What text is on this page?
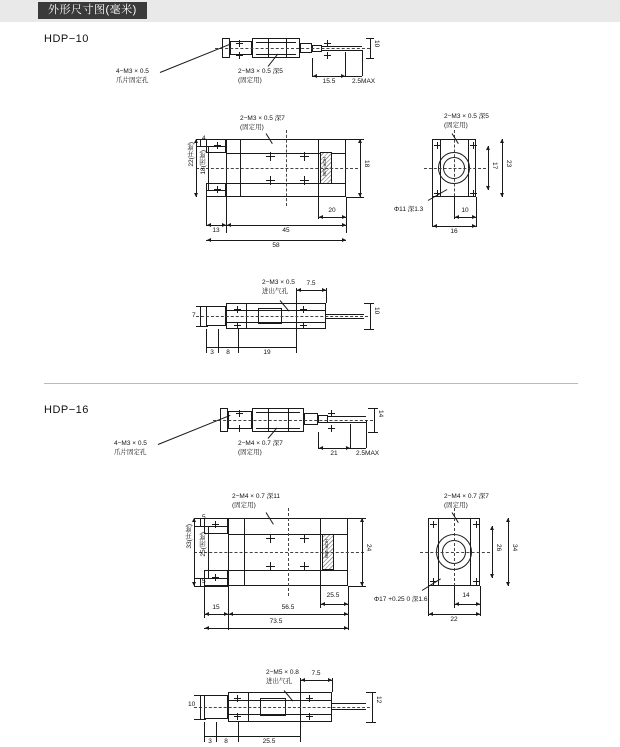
外形尺寸图(毫米)
HDP−10	10
15.5	2.5MAX
4−M3 × 0.5
爪片固定孔
2−M3 × 0.5 深5
(固定用)
HDP-10B
4
22(开度) 18(闭度)	18
20
13	45
58
2−M3 × 0.5 深7
(固定用)
17 23
10
16
Φ11 深1.3
2−M3 × 0.5 深5
(固定用)
7
10
7.5
3	8	19
2−M3 × 0.5
进出气孔
HDP−16	14
21	2.5MAX
4−M3 × 0.5
爪片固定孔
2−M4 × 0.7 深7
(固定用)
HDP-16B
5
5
33(开度) 25(闭度)	24
25.5
15	56.5
73.5
2−M4 × 0.7 深11
(固定用)
26 34
14
22
Φ17 +0.25 0 深1.6
2−M4 × 0.7 深7
(固定用)
10
12
7.5
3	8	25.5
2−M5 × 0.8
进出气孔
